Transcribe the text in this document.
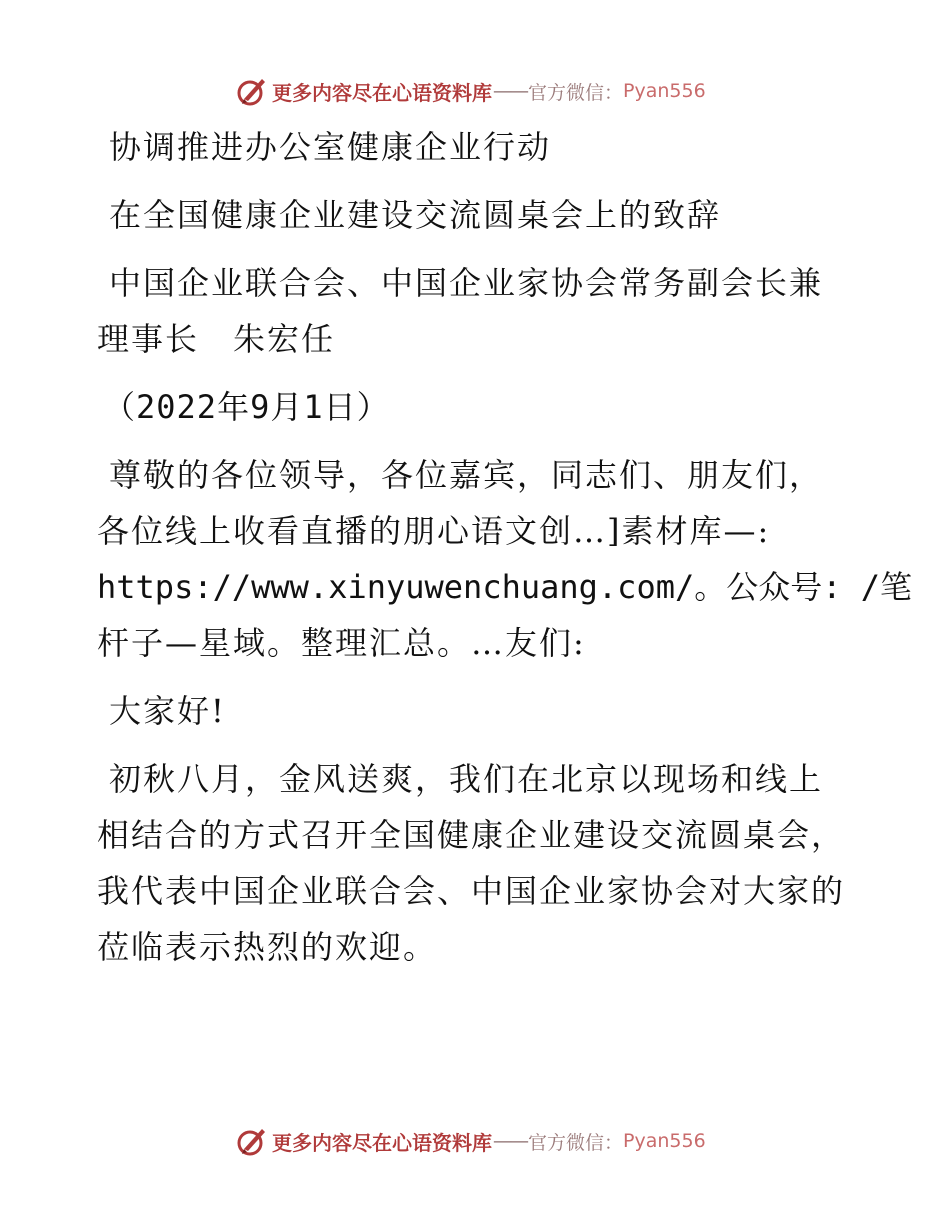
更多内容尽在心语资料库 —— 官方微信： Pyan556

协调推进办公室健康企业行动

在全国健康企业建设交流圆桌会上的致辞

中国企业联合会、中国企业家协会常务副会长兼
理事长　朱宏任

（2022年9月1日）

尊敬的各位领导，各位嘉宾，同志们、朋友们，
各位线上收看直播的朋心语文创…]素材库—:
https://www.xinyuwenchuang.com/。公众号: /笔
杆子—星域。整理汇总。…友们:

大家好!

初秋八月，金风送爽，我们在北京以现场和线上
相结合的方式召开全国健康企业建设交流圆桌会，
我代表中国企业联合会、中国企业家协会对大家的
莅临表示热烈的欢迎。

更多内容尽在心语资料库 —— 官方微信： Pyan556
